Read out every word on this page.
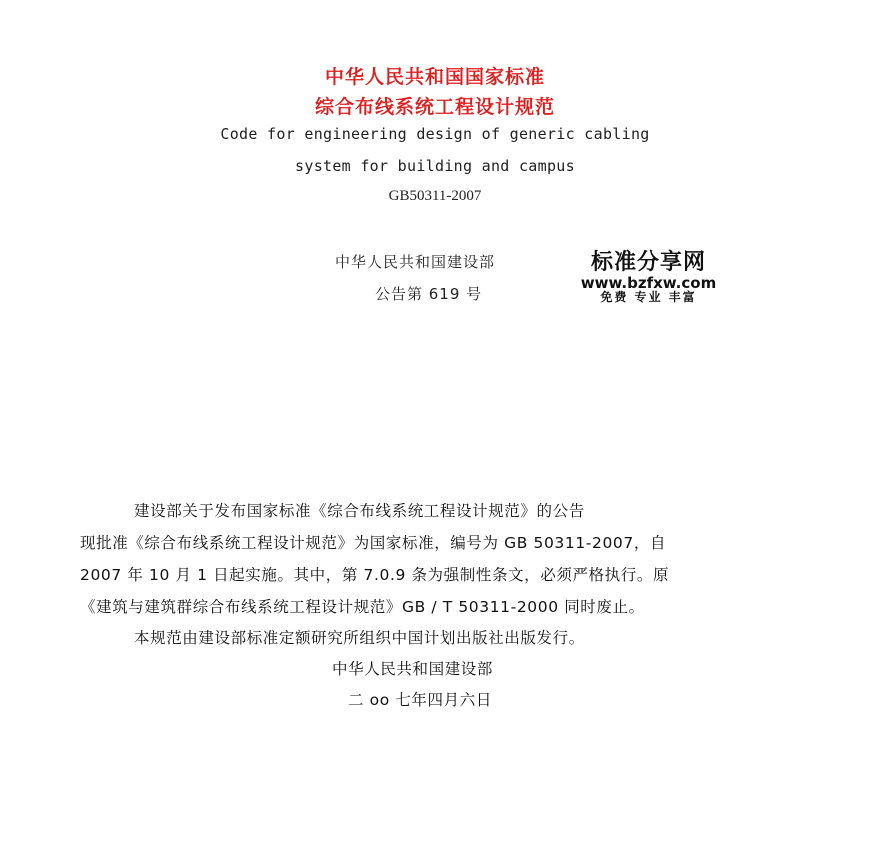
中华人民共和国国家标准
综合布线系统工程设计规范
Code for engineering design of generic cabling
system for building and campus
GB50311-2007
中华人民共和国建设部
公告第 619 号
标准分享网
www.bzfxw.com
免费 专业 丰富
建设部关于发布国家标准《综合布线系统工程设计规范》的公告
现批准《综合布线系统工程设计规范》为国家标准，编号为 GB 50311-2007，自
2007 年 10 月 1 日起实施。其中，第 7.0.9 条为强制性条文，必须严格执行。原
《建筑与建筑群综合布线系统工程设计规范》GB / T 50311-2000 同时废止。
本规范由建设部标准定额研究所组织中国计划出版社出版发行。
中华人民共和国建设部
二 oo 七年四月六日
